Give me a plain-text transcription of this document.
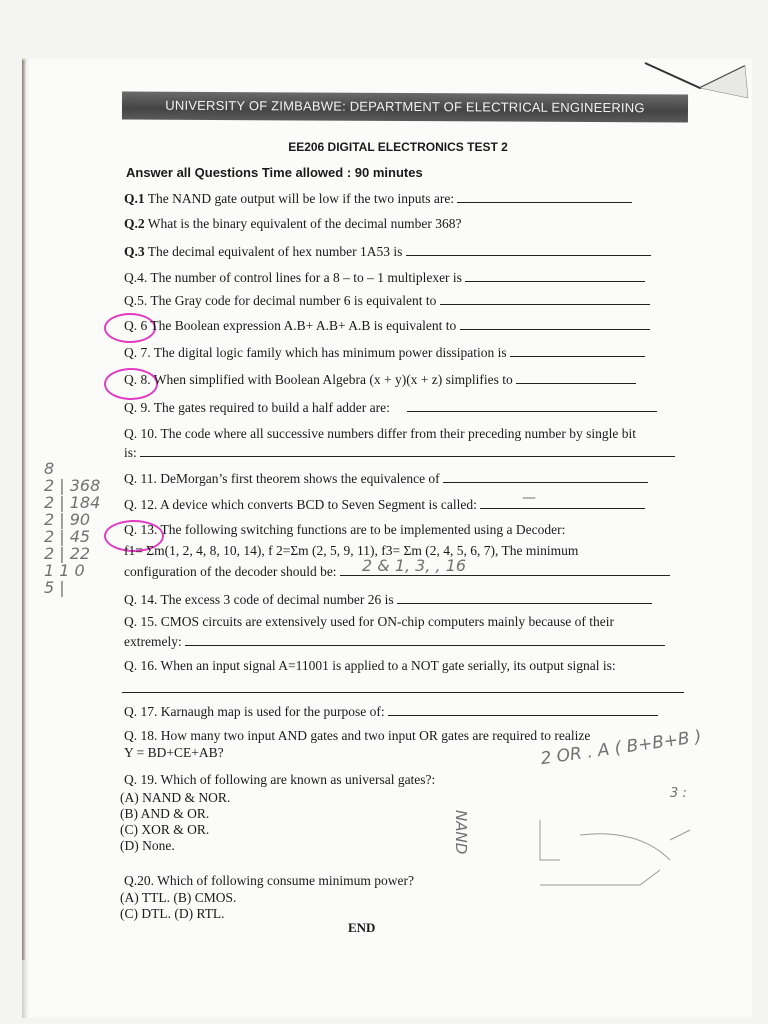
UNIVERSITY OF ZIMBABWE: DEPARTMENT OF ELECTRICAL ENGINEERING
EE206 DIGITAL ELECTRONICS TEST 2
Answer all Questions Time allowed : 90 minutes
Q.1 The NAND gate output will be low if the two inputs are:
Q.2 What is the binary equivalent of the decimal number 368?
Q.3 The decimal equivalent of hex number 1A53 is
Q.4. The number of control lines for a 8 – to – 1 multiplexer is
Q.5. The Gray code for decimal number 6 is equivalent to
Q. 6 The Boolean expression A.B+ A.B+ A.B is equivalent to
Q. 7. The digital logic family which has minimum power dissipation is
Q. 8. When simplified with Boolean Algebra (x + y)(x + z) simplifies to
Q. 9. The gates required to build a half adder are:
Q. 10. The code where all successive numbers differ from their preceding number by single bit
is:
Q. 11. DeMorgan’s first theorem shows the equivalence of
Q. 12. A device which converts BCD to Seven Segment is called:	—
Q. 13. The following switching functions are to be implemented using a Decoder:
f1= Σm(1, 2, 4, 8, 10, 14), f 2=Σm (2, 5, 9, 11), f3= Σm (2, 4, 5, 6, 7), The minimum
configuration of the decoder should be:	2 & 1, 3, , 16
Q. 14. The excess 3 code of decimal number 26 is
Q. 15. CMOS circuits are extensively used for ON-chip computers mainly because of their
extremely:
Q. 16. When an input signal A=11001 is applied to a NOT gate serially, its output signal is:
Q. 17. Karnaugh map is used for the purpose of:
Q. 18. How many two input AND gates and two input OR gates are required to realize
Y = BD+CE+AB?	2 OR . A ( B+B+B )
3 :
Q. 19. Which of following are known as universal gates?:
(A) NAND & NOR.
(B) AND & OR.
(C) XOR & OR.
(D) None.	NAND
Q.20. Which of following consume minimum power?
(A) TTL. (B) CMOS.
(C) DTL. (D) RTL.
END
8
2 | 368
2 | 184
2 | 90
2 | 45
2 | 22
1 1 0
5 |
